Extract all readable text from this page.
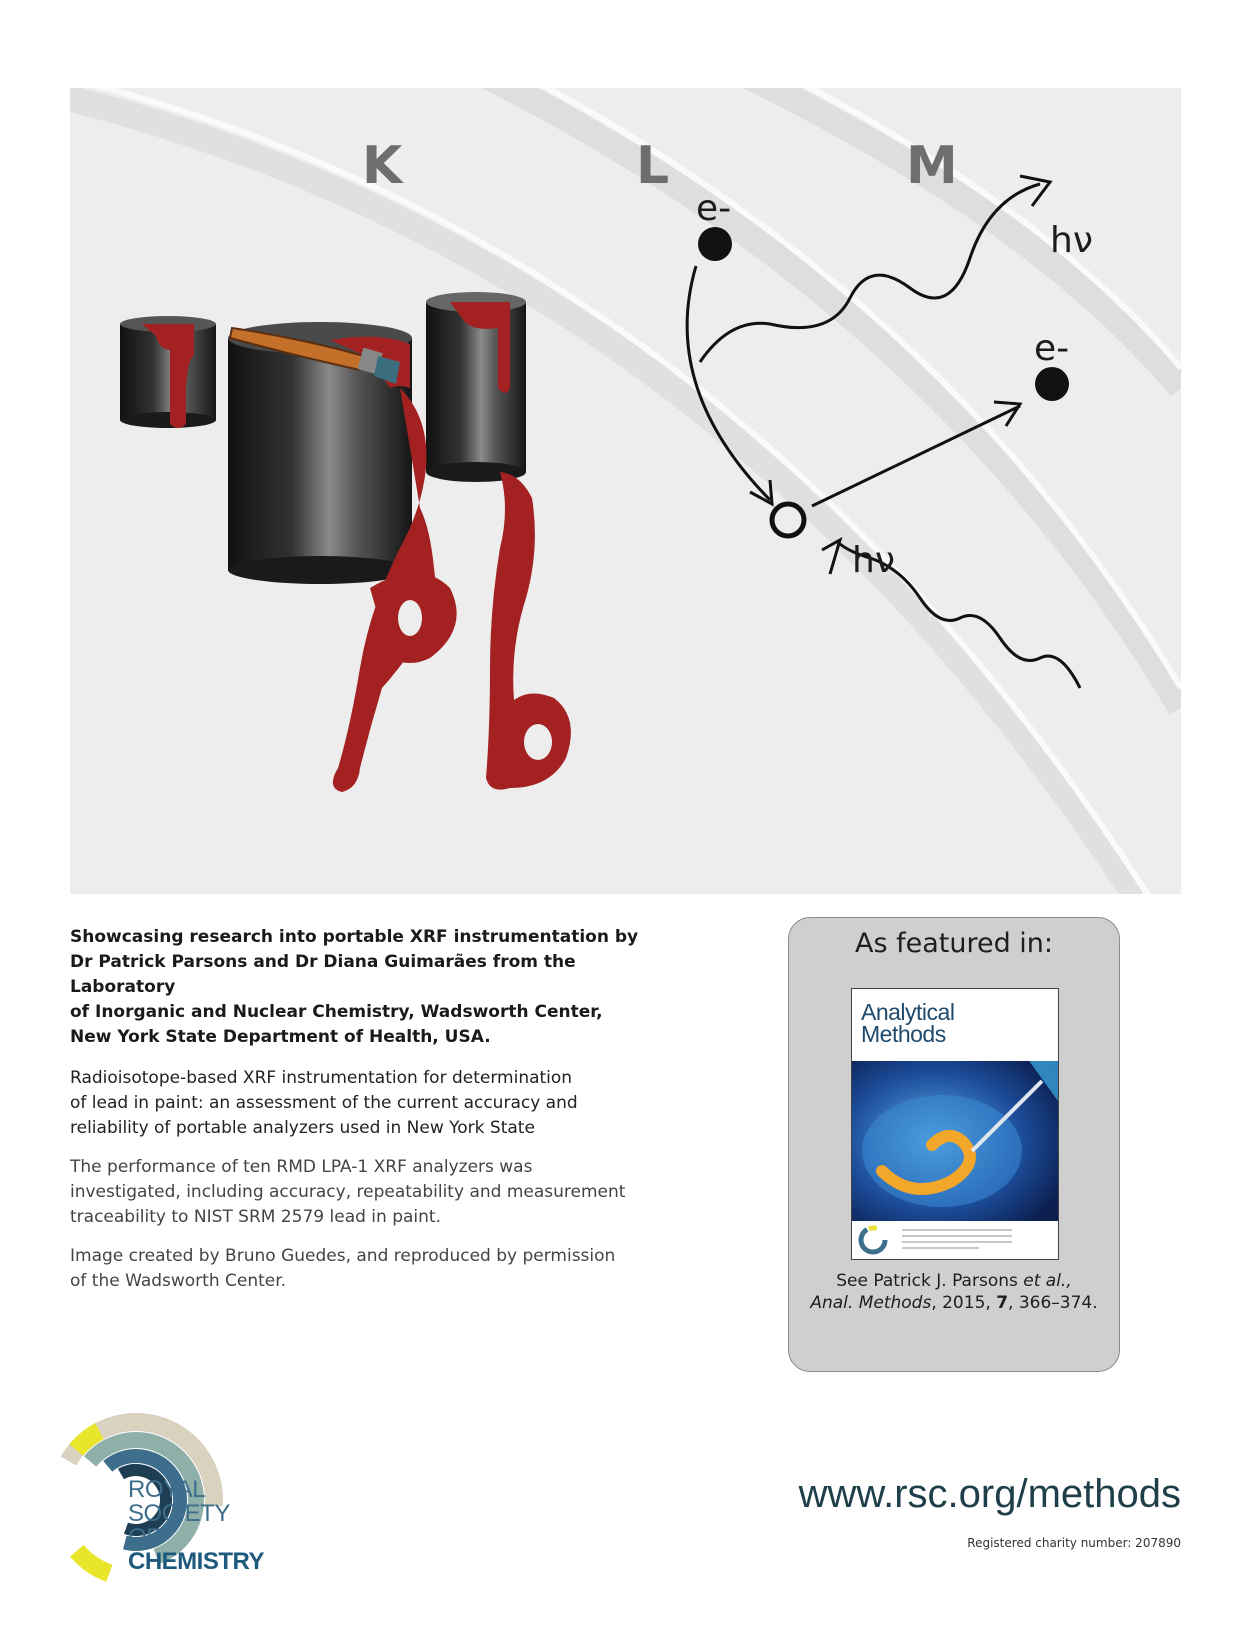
K	L	M
e-
e-
hν
hν

Showcasing research into portable XRF instrumentation by
Dr Patrick Parsons and Dr Diana Guimarães from the Laboratory
of Inorganic and Nuclear Chemistry, Wadsworth Center,
New York State Department of Health, USA.

Radioisotope-based XRF instrumentation for determination
of lead in paint: an assessment of the current accuracy and
reliability of portable analyzers used in New York State

The performance of ten RMD LPA-1 XRF analyzers was
investigated, including accuracy, repeatability and measurement
traceability to NIST SRM 2579 lead in paint.

Image created by Bruno Guedes, and reproduced by permission
of the Wadsworth Center.

As featured in:
Analytical
Methods
See Patrick J. Parsons et al.,
Anal. Methods, 2015, 7, 366–374.
ROYAL SOCIETY
OF CHEMISTRY
www.rsc.org/methods
Registered charity number: 207890
